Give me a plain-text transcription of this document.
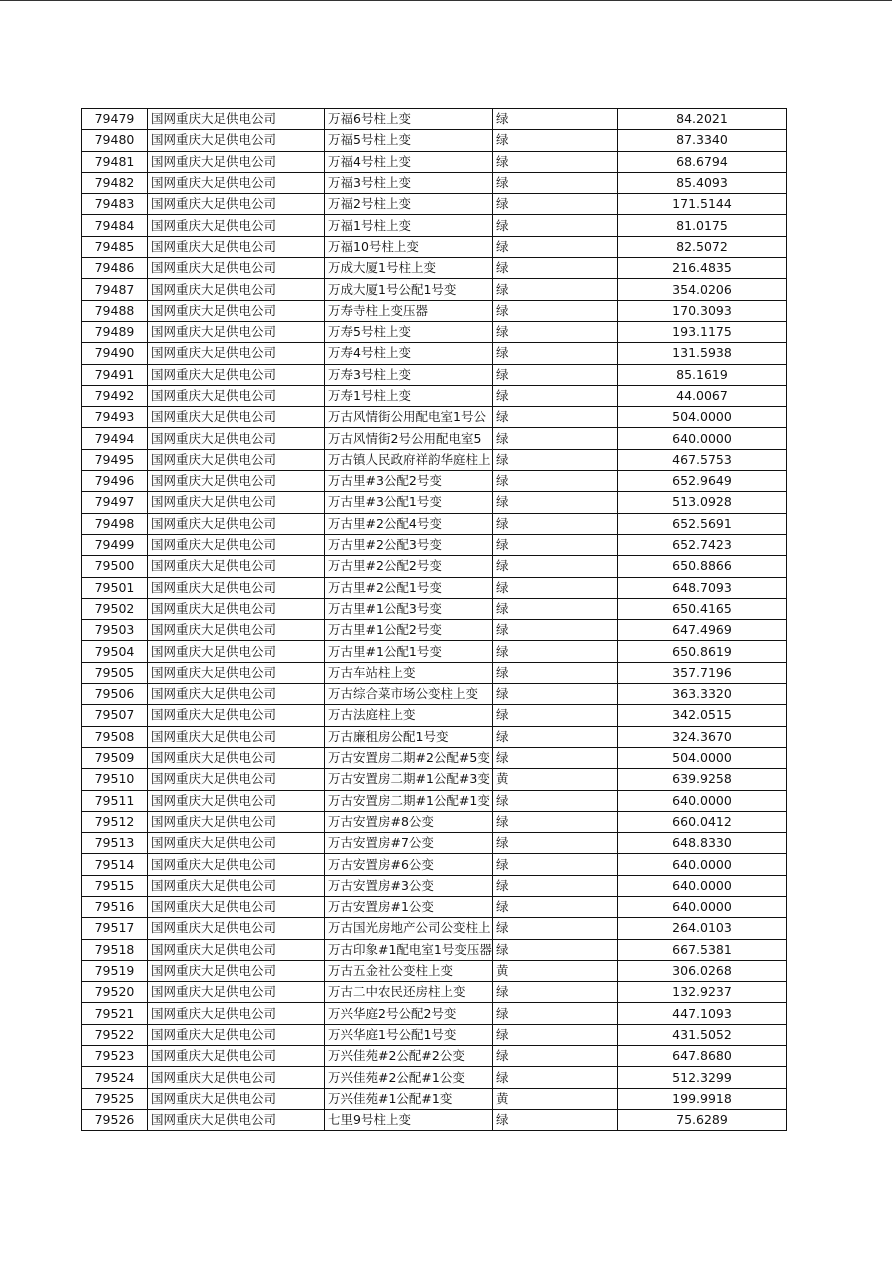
79479	国网重庆大足供电公司	万福6号柱上变	绿	84.2021
79480	国网重庆大足供电公司	万福5号柱上变	绿	87.3340
79481	国网重庆大足供电公司	万福4号柱上变	绿	68.6794
79482	国网重庆大足供电公司	万福3号柱上变	绿	85.4093
79483	国网重庆大足供电公司	万福2号柱上变	绿	171.5144
79484	国网重庆大足供电公司	万福1号柱上变	绿	81.0175
79485	国网重庆大足供电公司	万福10号柱上变	绿	82.5072
79486	国网重庆大足供电公司	万成大厦1号柱上变	绿	216.4835
79487	国网重庆大足供电公司	万成大厦1号公配1号变	绿	354.0206
79488	国网重庆大足供电公司	万寿寺柱上变压器	绿	170.3093
79489	国网重庆大足供电公司	万寿5号柱上变	绿	193.1175
79490	国网重庆大足供电公司	万寿4号柱上变	绿	131.5938
79491	国网重庆大足供电公司	万寿3号柱上变	绿	85.1619
79492	国网重庆大足供电公司	万寿1号柱上变	绿	44.0067
79493	国网重庆大足供电公司	万古风情街公用配电室1号公	绿	504.0000
79494	国网重庆大足供电公司	万古风情街2号公用配电室5	绿	640.0000
79495	国网重庆大足供电公司	万古镇人民政府祥韵华庭柱上	绿	467.5753
79496	国网重庆大足供电公司	万古里#3公配2号变	绿	652.9649
79497	国网重庆大足供电公司	万古里#3公配1号变	绿	513.0928
79498	国网重庆大足供电公司	万古里#2公配4号变	绿	652.5691
79499	国网重庆大足供电公司	万古里#2公配3号变	绿	652.7423
79500	国网重庆大足供电公司	万古里#2公配2号变	绿	650.8866
79501	国网重庆大足供电公司	万古里#2公配1号变	绿	648.7093
79502	国网重庆大足供电公司	万古里#1公配3号变	绿	650.4165
79503	国网重庆大足供电公司	万古里#1公配2号变	绿	647.4969
79504	国网重庆大足供电公司	万古里#1公配1号变	绿	650.8619
79505	国网重庆大足供电公司	万古车站柱上变	绿	357.7196
79506	国网重庆大足供电公司	万古综合菜市场公变柱上变	绿	363.3320
79507	国网重庆大足供电公司	万古法庭柱上变	绿	342.0515
79508	国网重庆大足供电公司	万古廉租房公配1号变	绿	324.3670
79509	国网重庆大足供电公司	万古安置房二期#2公配#5变	绿	504.0000
79510	国网重庆大足供电公司	万古安置房二期#1公配#3变	黄	639.9258
79511	国网重庆大足供电公司	万古安置房二期#1公配#1变	绿	640.0000
79512	国网重庆大足供电公司	万古安置房#8公变	绿	660.0412
79513	国网重庆大足供电公司	万古安置房#7公变	绿	648.8330
79514	国网重庆大足供电公司	万古安置房#6公变	绿	640.0000
79515	国网重庆大足供电公司	万古安置房#3公变	绿	640.0000
79516	国网重庆大足供电公司	万古安置房#1公变	绿	640.0000
79517	国网重庆大足供电公司	万古国光房地产公司公变柱上	绿	264.0103
79518	国网重庆大足供电公司	万古印象#1配电室1号变压器	绿	667.5381
79519	国网重庆大足供电公司	万古五金社公变柱上变	黄	306.0268
79520	国网重庆大足供电公司	万古二中农民还房柱上变	绿	132.9237
79521	国网重庆大足供电公司	万兴华庭2号公配2号变	绿	447.1093
79522	国网重庆大足供电公司	万兴华庭1号公配1号变	绿	431.5052
79523	国网重庆大足供电公司	万兴佳苑#2公配#2公变	绿	647.8680
79524	国网重庆大足供电公司	万兴佳苑#2公配#1公变	绿	512.3299
79525	国网重庆大足供电公司	万兴佳苑#1公配#1变	黄	199.9918
79526	国网重庆大足供电公司	七里9号柱上变	绿	75.6289
